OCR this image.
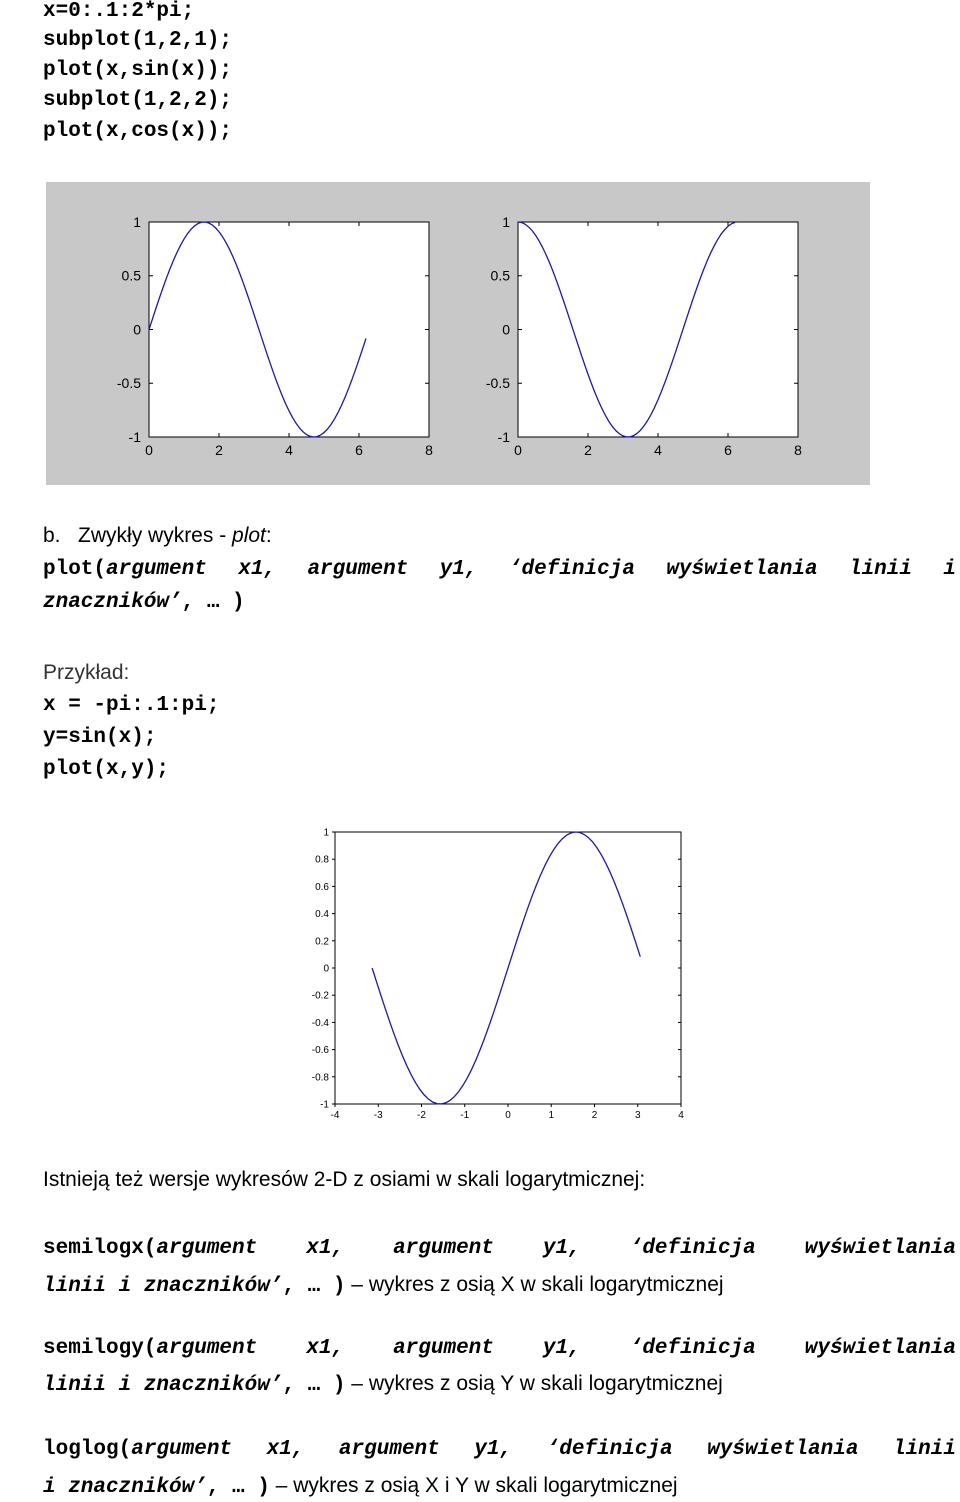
x=0:.1:2*pi;
subplot(1,2,1);
plot(x,sin(x));
subplot(1,2,2);
plot(x,cos(x));
0	2	4	6	8
1
0.5
0
-0.5
-1
0	2	4	6	8
1
0.5
0
-0.5
-1
b. Zwykły wykres - plot:
plot(argument x1, argument y1, ‘definicja wyświetlania linii i
znaczników’, … )
Przykład:
x = -pi:.1:pi;
y=sin(x);
plot(x,y);
-4	-3	-2	-1	0	1	2	3	4
1
0.8
0.6
0.4
0.2
0
-0.2
-0.4
-0.6
-0.8
-1
Istnieją też wersje wykresów 2-D z osiami w skali logarytmicznej:
semilogx(argument x1, argument y1, ‘definicja wyświetlania
linii i znaczników’, … ) – wykres z osią X w skali logarytmicznej
semilogy(argument x1, argument y1, ‘definicja wyświetlania
linii i znaczników’, … ) – wykres z osią Y w skali logarytmicznej
loglog(argument x1, argument y1, ‘definicja wyświetlania linii
i znaczników’, … ) – wykres z osią X i Y w skali logarytmicznej
